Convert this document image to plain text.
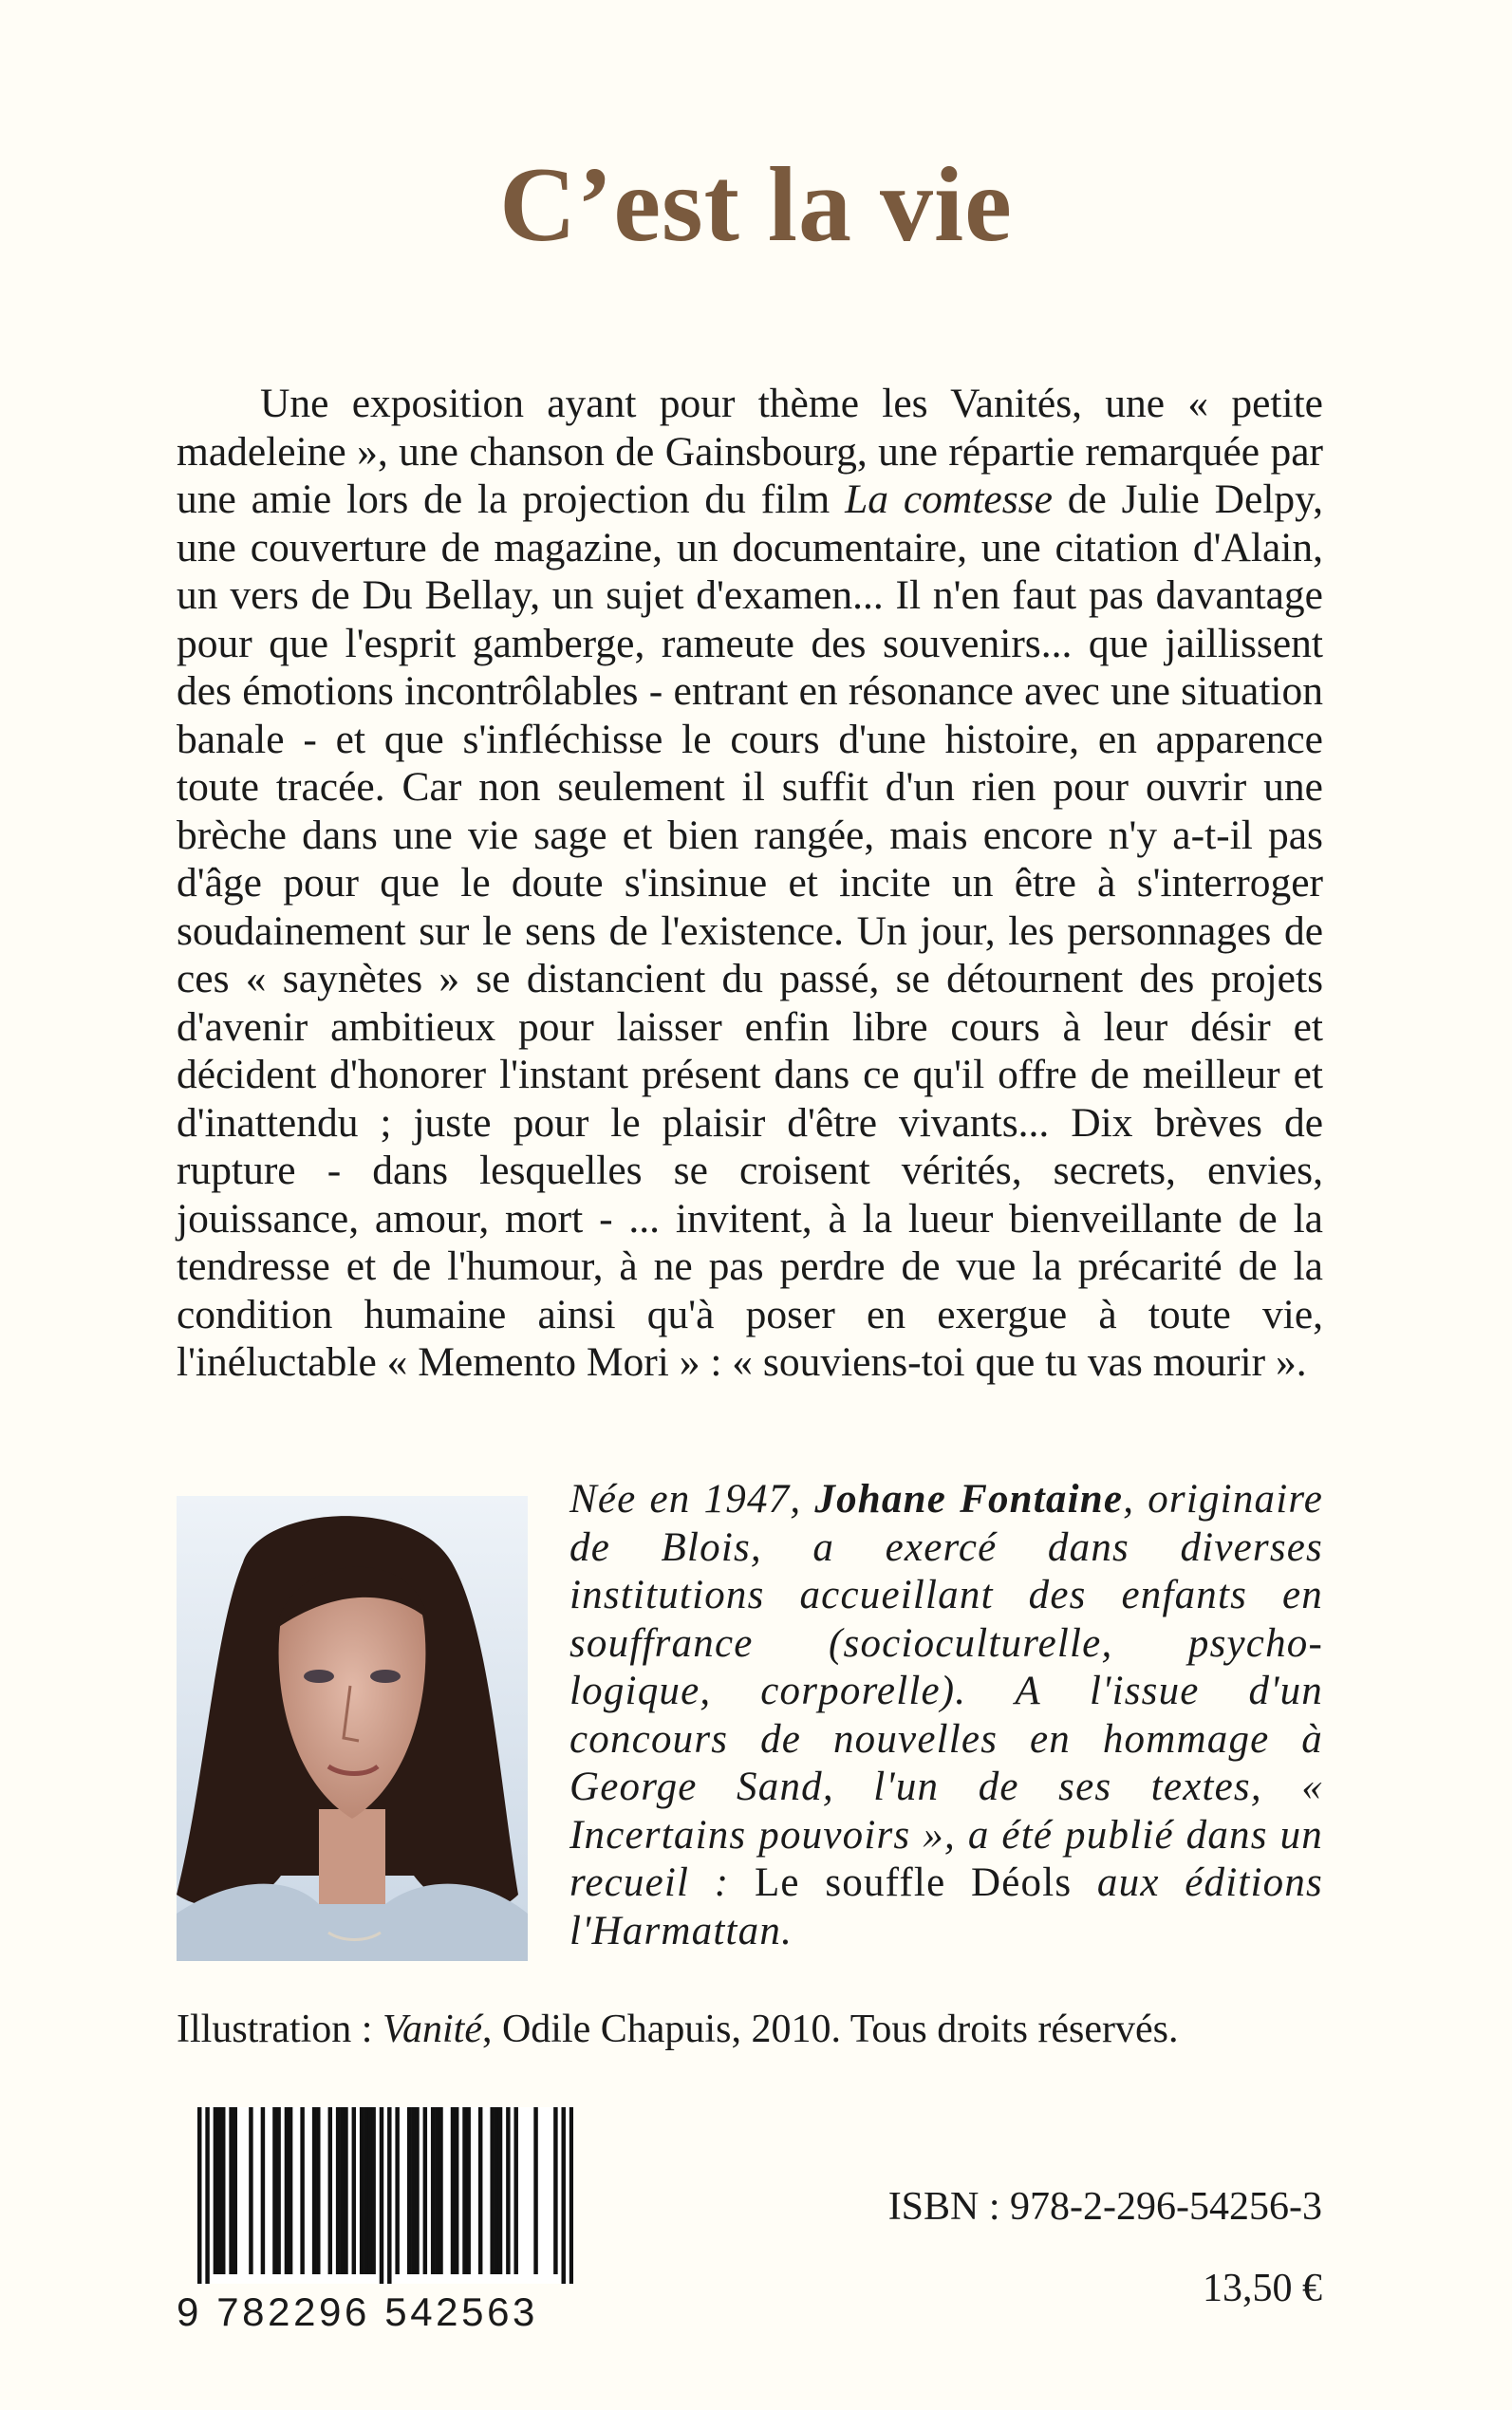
C’est la vie

Une exposition ayant pour thème les Vanités, une « petite madeleine », une chanson de Gainsbourg, une répartie remarquée par une amie lors de la projection du film La comtesse de Julie Delpy, une couverture de magazine, un documentaire, une citation d'Alain, un vers de Du Bellay, un sujet d'examen... Il n'en faut pas davantage pour que l'esprit gamberge, rameute des souvenirs... que jaillissent des émotions incontrôlables - entrant en résonance avec une situation banale - et que s'infléchisse le cours d'une histoire, en apparence toute tracée. Car non seulement il suffit d'un rien pour ouvrir une brèche dans une vie sage et bien rangée, mais encore n'y a-t-il pas d'âge pour que le doute s'insinue et incite un être à s'interroger soudainement sur le sens de l'existence. Un jour, les personnages de ces « saynètes » se distancient du passé, se détournent des projets d'avenir ambitieux pour laisser enfin libre cours à leur désir et décident d'honorer l'instant présent dans ce qu'il offre de meilleur et d'inattendu ; juste pour le plaisir d'être vivants... Dix brèves de rupture - dans lesquelles se croisent vérités, secrets, envies, jouissance, amour, mort - ... invitent, à la lueur bienveillante de la tendresse et de l'humour, à ne pas perdre de vue la précarité de la condition humaine ainsi qu'à poser en exergue à toute vie, l'inéluctable « Memento Mori » : « souviens-toi que tu vas mourir ».

Née en 1947, Johane Fontaine, originaire de Blois, a exercé dans diverses institutions accueillant des enfants en souffrance (socioculturelle, psycho-logique, corporelle). A l'issue d'un concours de nouvelles en hommage à George Sand, l'un de ses textes, « Incertains pouvoirs », a été publié dans un recueil : Le souffle Déols aux éditions l'Harmattan.

Illustration : Vanité, Odile Chapuis, 2010. Tous droits réservés.
9 782296 542563
ISBN : 978-2-296-54256-3
13,50 €
